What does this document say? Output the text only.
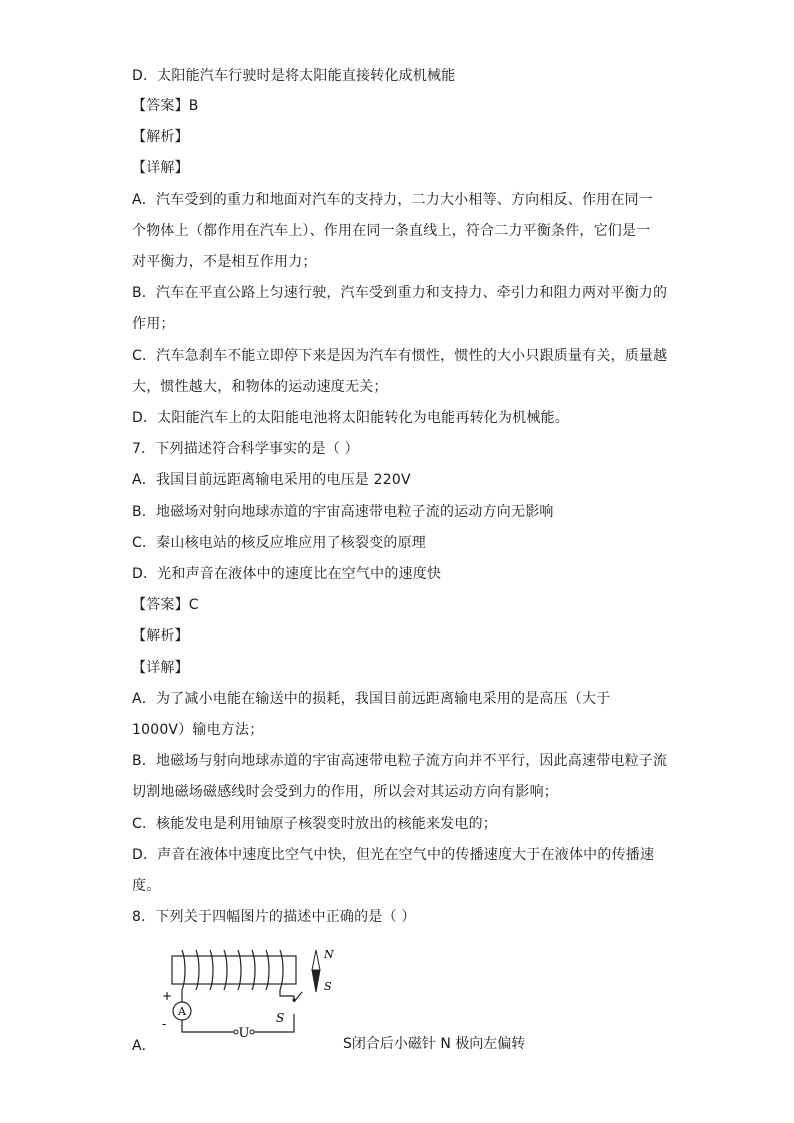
D．太阳能汽车行驶时是将太阳能直接转化成机械能
【答案】B
【解析】
【详解】
A．汽车受到的重力和地面对汽车的支持力，二力大小相等、方向相反、作用在同一
个物体上（都作用在汽车上）、作用在同一条直线上，符合二力平衡条件，它们是一
对平衡力，不是相互作用力；
B．汽车在平直公路上匀速行驶，汽车受到重力和支持力、牵引力和阻力两对平衡力的
作用；
C．汽车急刹车不能立即停下来是因为汽车有惯性，惯性的大小只跟质量有关，质量越
大，惯性越大，和物体的运动速度无关；
D．太阳能汽车上的太阳能电池将太阳能转化为电能再转化为机械能。
7．下列描述符合科学事实的是（ ）
A．我国目前远距离输电采用的电压是 220V
B．地磁场对射向地球赤道的宇宙高速带电粒子流的运动方向无影响
C．秦山核电站的核反应堆应用了核裂变的原理
D．光和声音在液体中的速度比在空气中的速度快
【答案】C
【解析】
【详解】
A．为了减小电能在输送中的损耗，我国目前远距离输电采用的是高压（大于
1000V）输电方法；
B．地磁场与射向地球赤道的宇宙高速带电粒子流方向并不平行，因此高速带电粒子流
切割地磁场磁感线时会受到力的作用，所以会对其运动方向有影响；
C．核能发电是利用铀原子核裂变时放出的核能来发电的；
D．声音在液体中速度比空气中快，但光在空气中的传播速度大于在液体中的传播速
度。
8．下列关于四幅图片的描述中正确的是（ ）
A．
A
+
-
U
S
N
S
S闭合后小磁针 N 极向左偏转
